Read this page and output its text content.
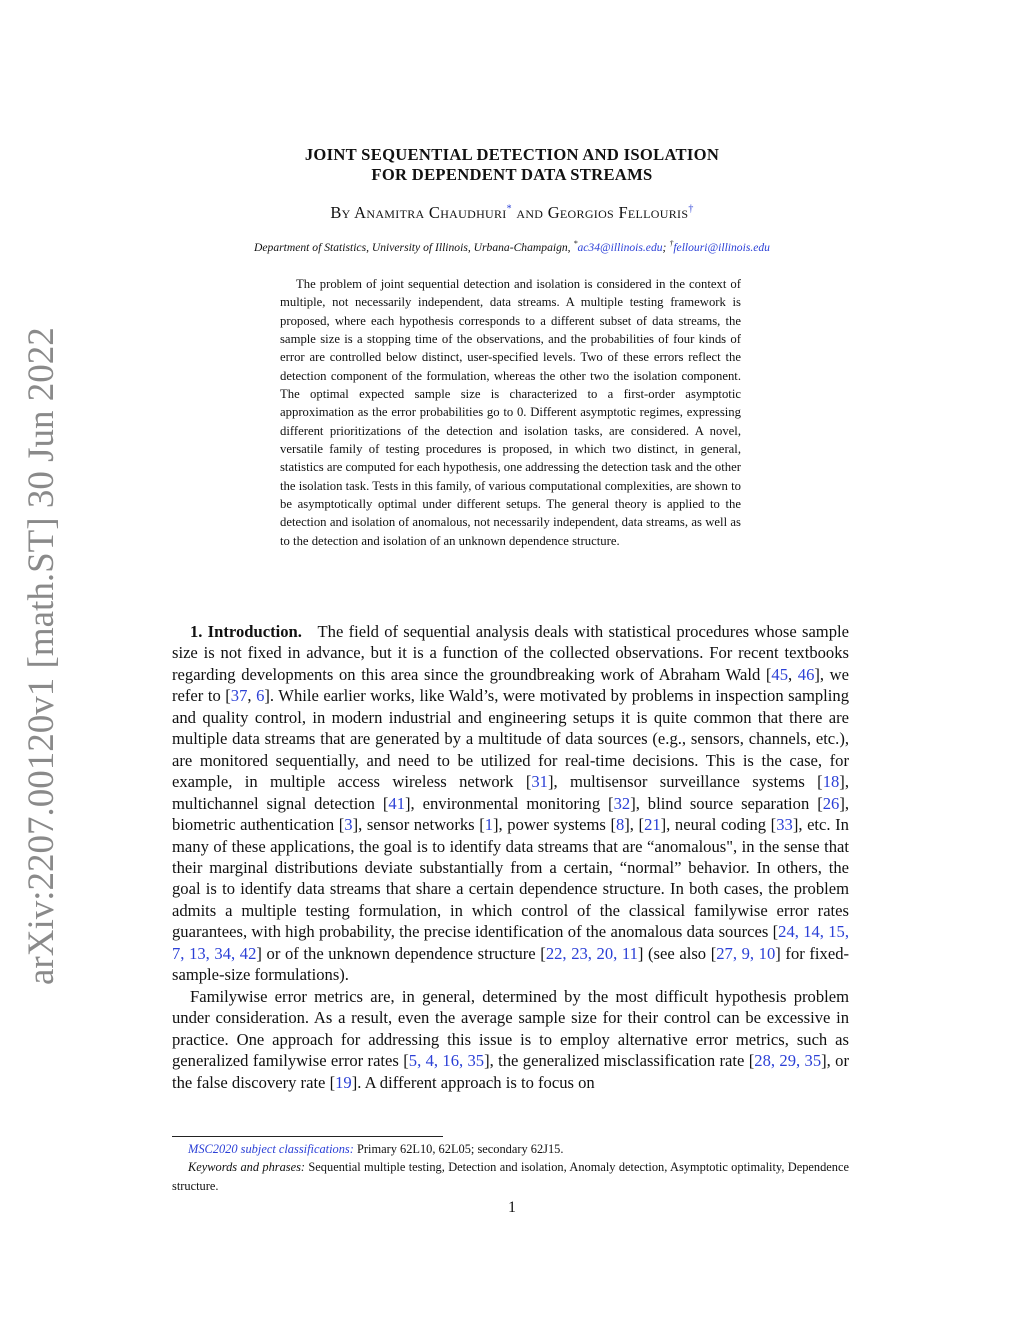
arXiv:2207.00120v1 [math.ST] 30 Jun 2022
JOINT SEQUENTIAL DETECTION AND ISOLATION
FOR DEPENDENT DATA STREAMS
By Anamitra Chaudhuri* and Georgios Fellouris†
Department of Statistics, University of Illinois, Urbana-Champaign, *ac34@illinois.edu; †fellouri@illinois.edu

The problem of joint sequential detection and isolation is considered in the context of multiple, not necessarily independent, data streams. A multiple testing framework is proposed, where each hypothesis corresponds to a different subset of data streams, the sample size is a stopping time of the observations, and the probabilities of four kinds of error are controlled below distinct, user-specified levels. Two of these errors reflect the detection component of the formulation, whereas the other two the isolation component. The optimal expected sample size is characterized to a first-order asymptotic approximation as the error probabilities go to 0. Different asymptotic regimes, expressing different prioritizations of the detection and isolation tasks, are considered. A novel, versatile family of testing procedures is proposed, in which two distinct, in general, statistics are computed for each hypothesis, one addressing the detection task and the other the isolation task. Tests in this family, of various computational complexities, are shown to be asymptotically optimal under different setups. The general theory is applied to the detection and isolation of anomalous, not necessarily independent, data streams, as well as to the detection and isolation of an unknown dependence structure.

1. Introduction. The field of sequential analysis deals with statistical procedures whose sample size is not fixed in advance, but it is a function of the collected observations. For recent textbooks regarding developments on this area since the groundbreaking work of Abraham Wald [45, 46], we refer to [37, 6]. While earlier works, like Wald’s, were motivated by problems in inspection sampling and quality control, in modern industrial and engineering setups it is quite common that there are multiple data streams that are generated by a multitude of data sources (e.g., sensors, channels, etc.), are monitored sequentially, and need to be utilized for real-time decisions. This is the case, for example, in multiple access wireless network [31], multisensor surveillance systems [18], multichannel signal detection [41], environmental monitoring [32], blind source separation [26], biometric authentication [3], sensor networks [1], power systems [8], [21], neural coding [33], etc. In many of these applications, the goal is to identify data streams that are “anomalous", in the sense that their marginal distributions deviate substantially from a certain, “normal” behavior. In others, the goal is to identify data streams that share a certain dependence structure. In both cases, the problem admits a multiple testing formulation, in which control of the classical familywise error rates guarantees, with high probability, the precise identification of the anomalous data sources [24, 14, 15, 7, 13, 34, 42] or of the unknown dependence structure [22, 23, 20, 11] (see also [27, 9, 10] for fixed-sample-size formulations).

Familywise error metrics are, in general, determined by the most difficult hypothesis problem under consideration. As a result, even the average sample size for their control can be excessive in practice. One approach for addressing this issue is to employ alternative error metrics, such as generalized familywise error rates [5, 4, 16, 35], the generalized misclassification rate [28, 29, 35], or the false discovery rate [19]. A different approach is to focus on

MSC2020 subject classifications: Primary 62L10, 62L05; secondary 62J15.

Keywords and phrases: Sequential multiple testing, Detection and isolation, Anomaly detection, Asymptotic optimality, Dependence structure.

1
